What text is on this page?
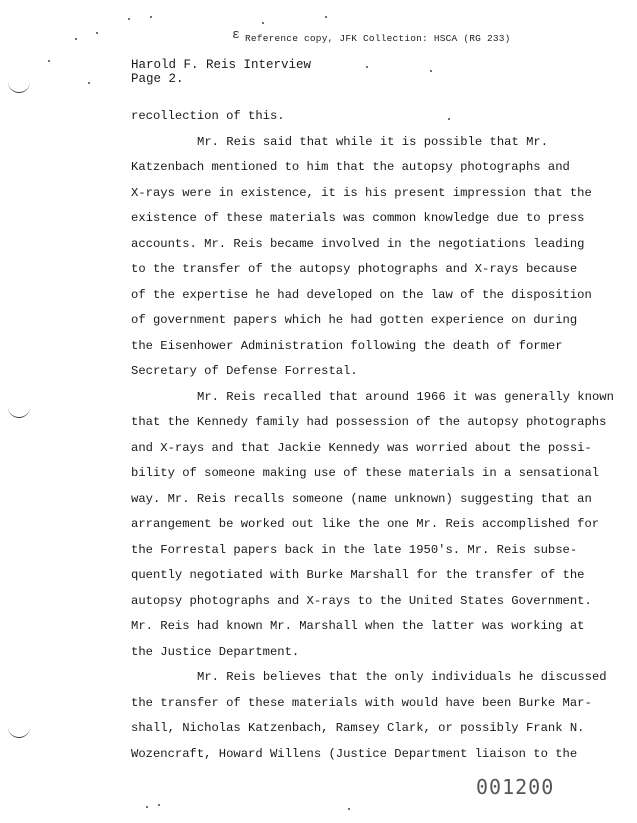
ε Reference copy, JFK Collection: HSCA (RG 233)
Harold F. Reis Interview
Page 2.
recollection of this.
Mr. Reis said that while it is possible that Mr.
Katzenbach mentioned to him that the autopsy photographs and
X-rays were in existence, it is his present impression that the
existence of these materials was common knowledge due to press
accounts. Mr. Reis became involved in the negotiations leading
to the transfer of the autopsy photographs and X-rays because
of the expertise he had developed on the law of the disposition
of government papers which he had gotten experience on during
the Eisenhower Administration following the death of former
Secretary of Defense Forrestal.
Mr. Reis recalled that around 1966 it was generally known
that the Kennedy family had possession of the autopsy photographs
and X-rays and that Jackie Kennedy was worried about the possi-
bility of someone making use of these materials in a sensational
way. Mr. Reis recalls someone (name unknown) suggesting that an
arrangement be worked out like the one Mr. Reis accomplished for
the Forrestal papers back in the late 1950's. Mr. Reis subse-
quently negotiated with Burke Marshall for the transfer of the
autopsy photographs and X-rays to the United States Government.
Mr. Reis had known Mr. Marshall when the latter was working at
the Justice Department.
Mr. Reis believes that the only individuals he discussed
the transfer of these materials with would have been Burke Mar-
shall, Nicholas Katzenbach, Ramsey Clark, or possibly Frank N.
Wozencraft, Howard Willens (Justice Department liaison to the
001200
